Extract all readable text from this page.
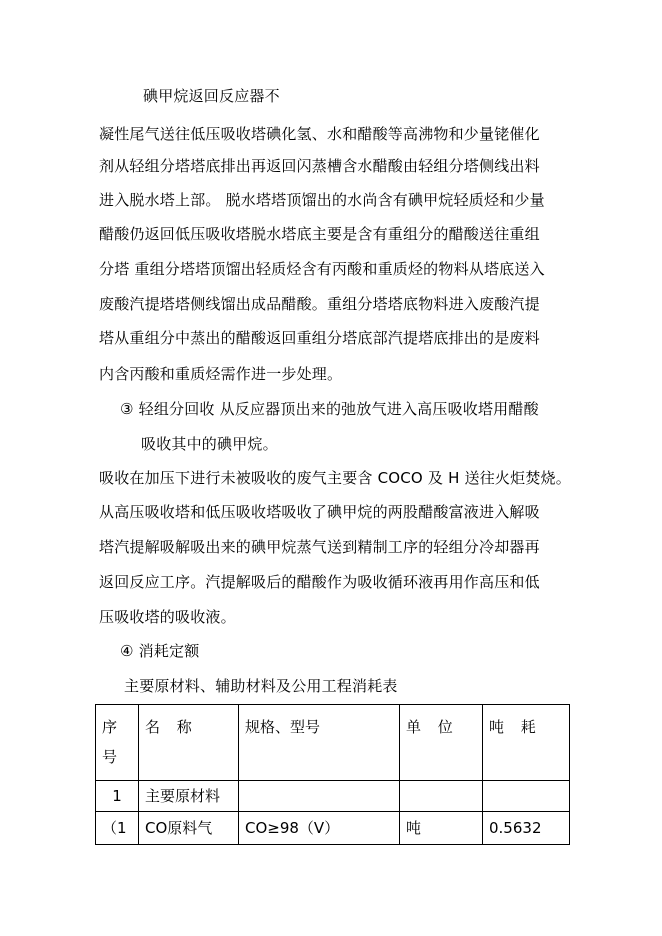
碘甲烷返回反应器不
凝性尾气送往低压吸收塔碘化氢、水和醋酸等高沸物和少量铑催化
剂从轻组分塔塔底排出再返回闪蒸槽含水醋酸由轻组分塔侧线出料
进入脱水塔上部。 脱水塔塔顶馏出的水尚含有碘甲烷轻质烃和少量
醋酸仍返回低压吸收塔脱水塔底主要是含有重组分的醋酸送往重组
分塔 重组分塔塔顶馏出轻质烃含有丙酸和重质烃的物料从塔底送入
废酸汽提塔塔侧线馏出成品醋酸。重组分塔塔底物料进入废酸汽提
塔从重组分中蒸出的醋酸返回重组分塔底部汽提塔底排出的是废料
内含丙酸和重质烃需作进一步处理。
③ 轻组分回收 从反应器顶出来的弛放气进入高压吸收塔用醋酸
吸收其中的碘甲烷。
吸收在加压下进行未被吸收的废气主要含 COCO 及 H 送往火炬焚烧。
从高压吸收塔和低压吸收塔吸收了碘甲烷的两股醋酸富液进入解吸
塔汽提解吸解吸出来的碘甲烷蒸气送到精制工序的轻组分冷却器再
返回反应工序。汽提解吸后的醋酸作为吸收循环液再用作高压和低
压吸收塔的吸收液。
④ 消耗定额
主要原材料、辅助材料及公用工程消耗表
序
号	名 称	规格、型号	单 位	吨 耗
1	主要原材料			
（1	CO原料气	CO≥98（V）	吨	0.5632
